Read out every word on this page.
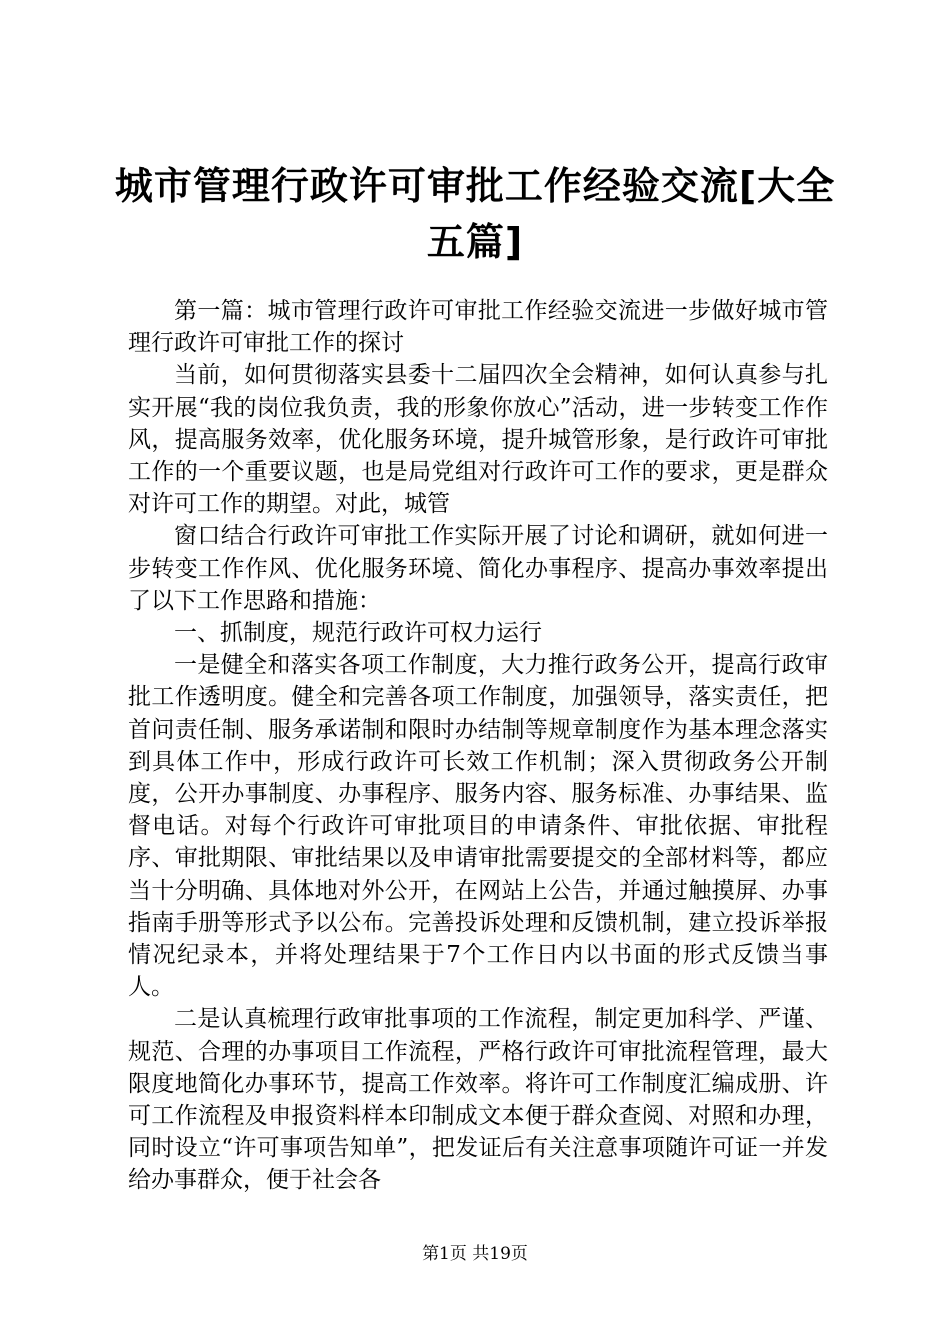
城市管理行政许可审批工作经验交流[大全五篇]

第一篇：城市管理行政许可审批工作经验交流进一步做好城市管理行政许可审批工作的探讨

当前，如何贯彻落实县委十二届四次全会精神，如何认真参与扎实开展“我的岗位我负责，我的形象你放心”活动，进一步转变工作作风，提高服务效率，优化服务环境，提升城管形象，是行政许可审批工作的一个重要议题，也是局党组对行政许可工作的要求，更是群众对许可工作的期望。对此，城管

窗口结合行政许可审批工作实际开展了讨论和调研，就如何进一步转变工作作风、优化服务环境、简化办事程序、提高办事效率提出了以下工作思路和措施：

一、抓制度，规范行政许可权力运行

一是健全和落实各项工作制度，大力推行政务公开，提高行政审批工作透明度。健全和完善各项工作制度，加强领导，落实责任，把首问责任制、服务承诺制和限时办结制等规章制度作为基本理念落实到具体工作中，形成行政许可长效工作机制；深入贯彻政务公开制度，公开办事制度、办事程序、服务内容、服务标准、办事结果、监督电话。对每个行政许可审批项目的申请条件、审批依据、审批程序、审批期限、审批结果以及申请审批需要提交的全部材料等，都应当十分明确、具体地对外公开，在网站上公告，并通过触摸屏、办事指南手册等形式予以公布。完善投诉处理和反馈机制，建立投诉举报情况纪录本，并将处理结果于7个工作日内以书面的形式反馈当事人。

二是认真梳理行政审批事项的工作流程，制定更加科学、严谨、规范、合理的办事项目工作流程，严格行政许可审批流程管理，最大限度地简化办事环节，提高工作效率。将许可工作制度汇编成册、许可工作流程及申报资料样本印制成文本便于群众查阅、对照和办理，同时设立“许可事项告知单”，把发证后有关注意事项随许可证一并发给办事群众，便于社会各

第1页 共19页
